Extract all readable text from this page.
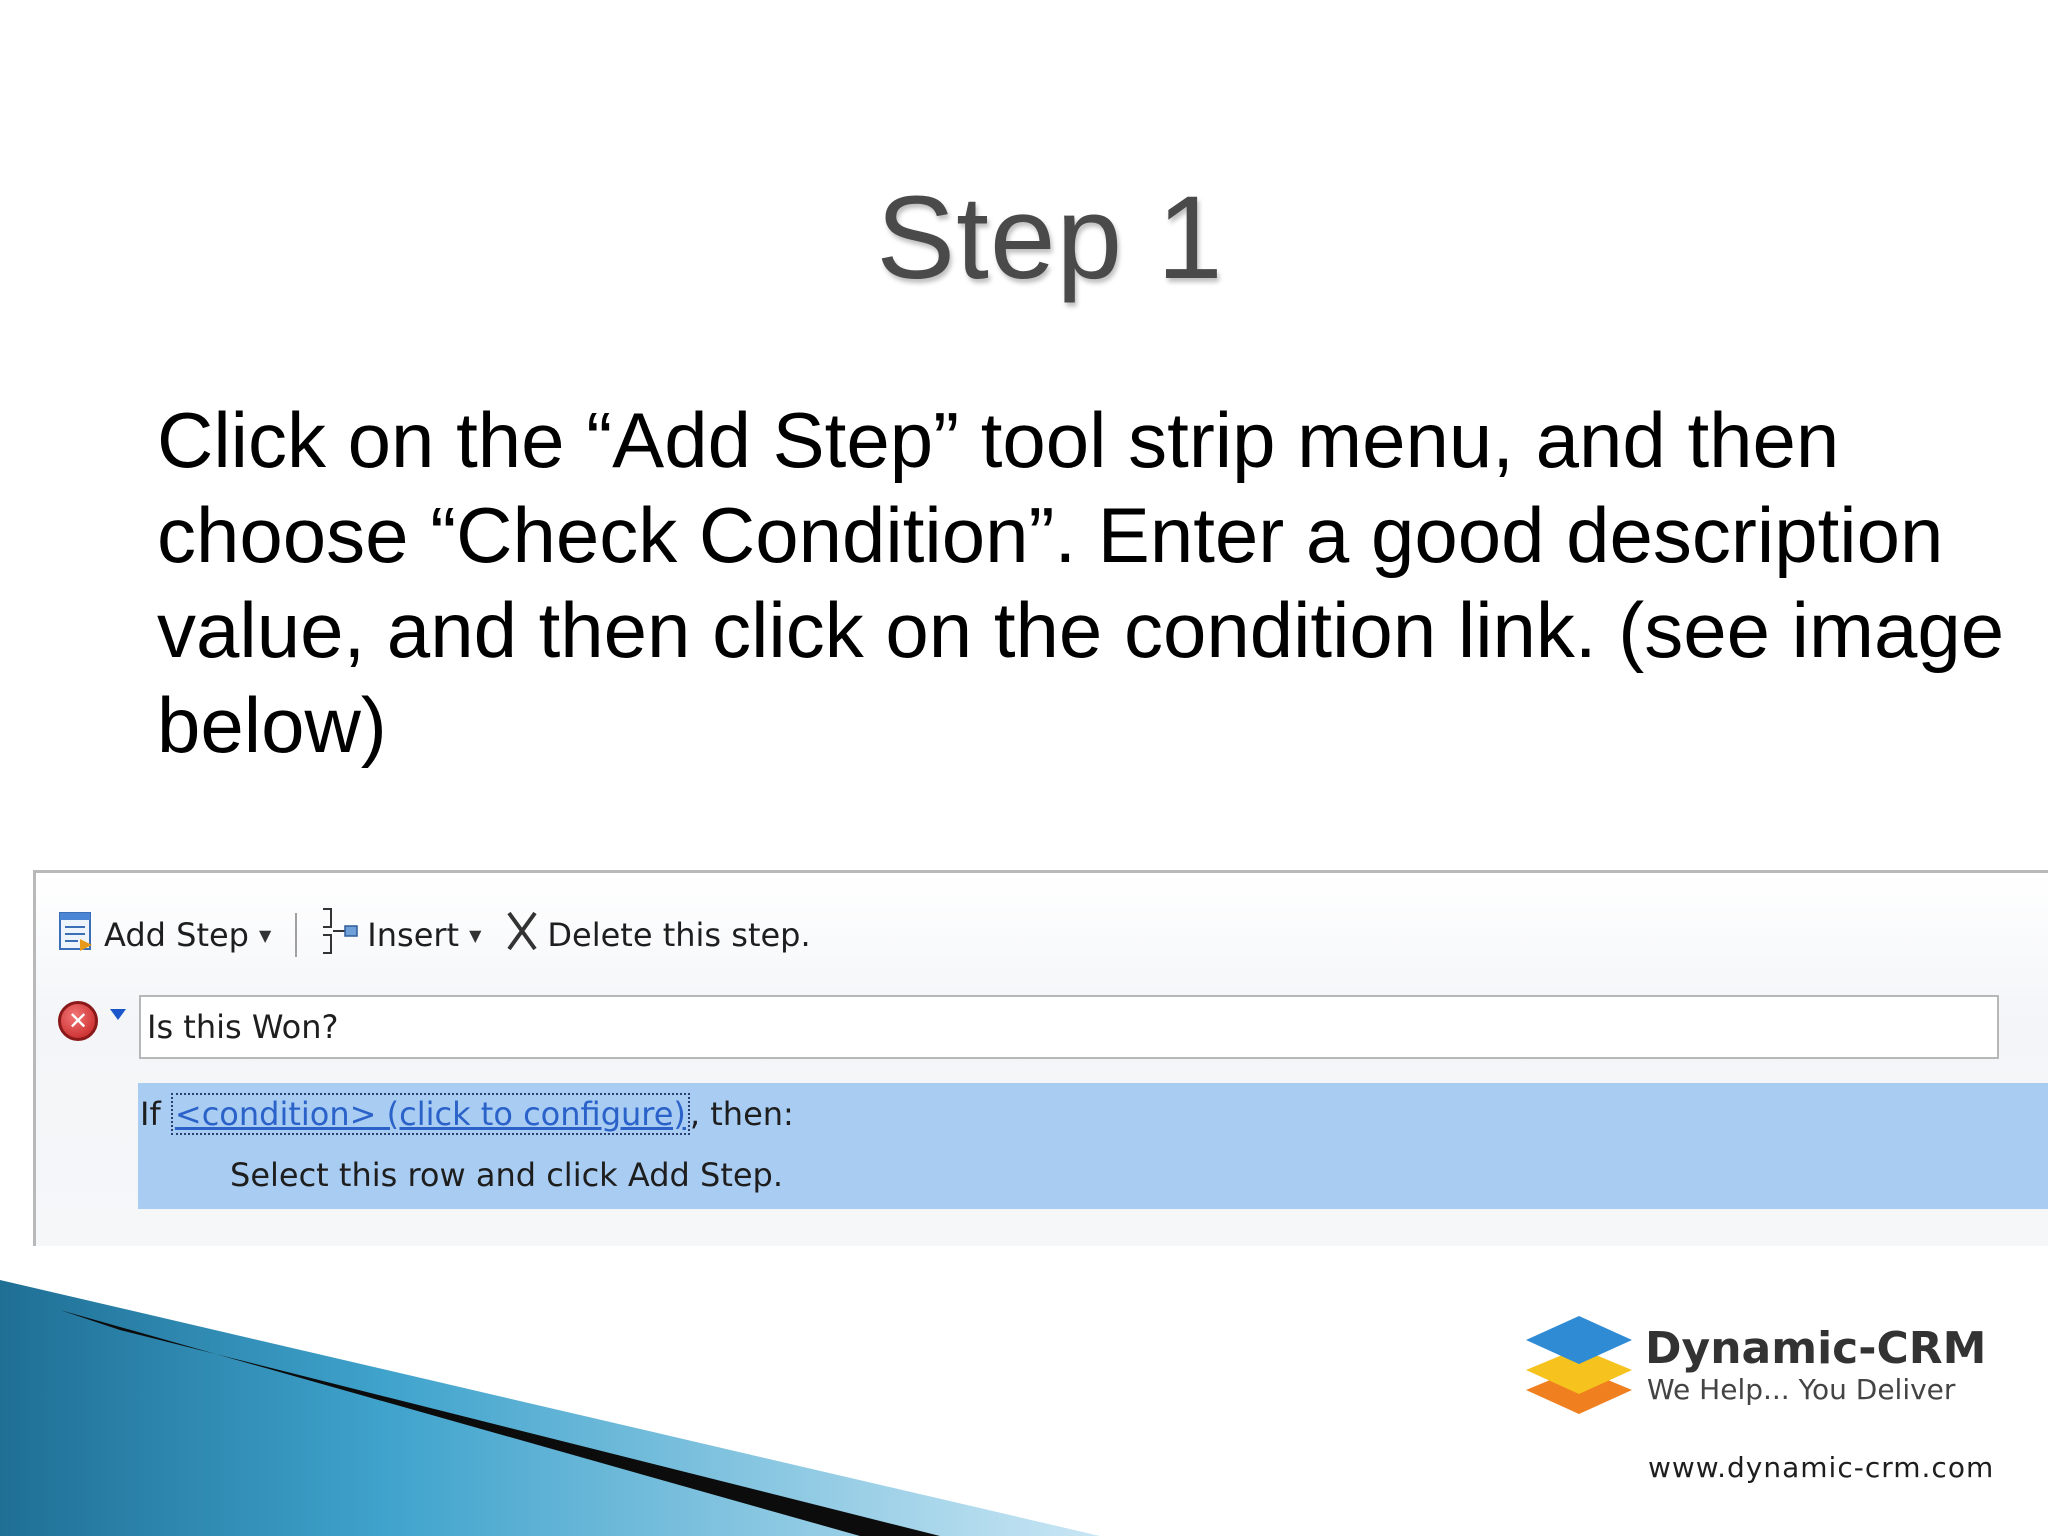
Step 1
Click on the “Add Step” tool strip menu, and then choose “Check Condition”. Enter a good description value, and then click on the condition link. (see image below)
Add Step ▼	Insert ▼ Delete this step.
✕
Is this Won?
If <condition> (click to configure) , then:
Select this row and click Add Step.
Dynamic-CRM
We Help... You Deliver
www.dynamic-crm.com
